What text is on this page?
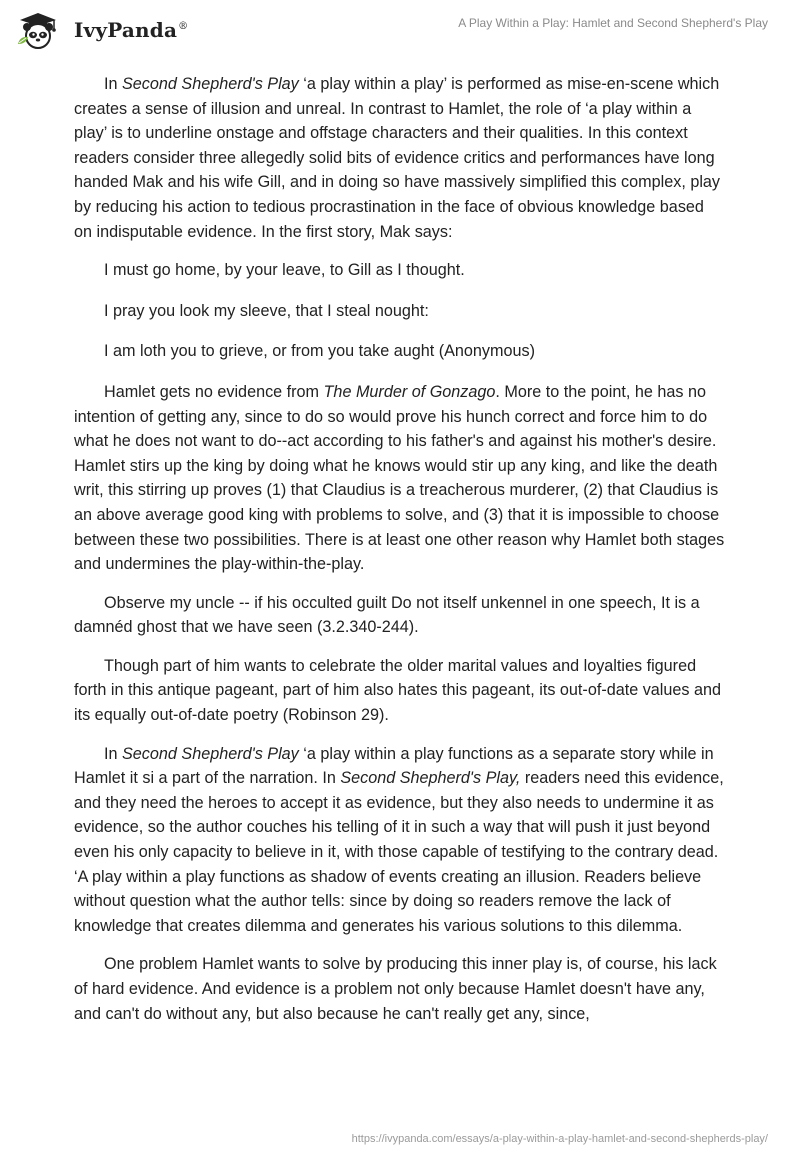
IvyPanda®	A Play Within a Play: Hamlet and Second Shepherd's Play

In Second Shepherd's Play ‘a play within a play’ is performed as mise-en-scene which creates a sense of illusion and unreal. In contrast to Hamlet, the role of ‘a play within a play’ is to underline onstage and offstage characters and their qualities. In this context readers consider three allegedly solid bits of evidence critics and performances have long handed Mak and his wife Gill, and in doing so have massively simplified this complex, play by reducing his action to tedious procrastination in the face of obvious knowledge based on indisputable evidence. In the first story, Mak says:

I must go home, by your leave, to Gill as I thought.

I pray you look my sleeve, that I steal nought:

I am loth you to grieve, or from you take aught (Anonymous)

Hamlet gets no evidence from The Murder of Gonzago. More to the point, he has no intention of getting any, since to do so would prove his hunch correct and force him to do what he does not want to do--act according to his father's and against his mother's desire. Hamlet stirs up the king by doing what he knows would stir up any king, and like the death writ, this stirring up proves (1) that Claudius is a treacherous murderer, (2) that Claudius is an above average good king with problems to solve, and (3) that it is impossible to choose between these two possibilities. There is at least one other reason why Hamlet both stages and undermines the play-within-the-play.

Observe my uncle -- if his occulted guilt Do not itself unkennel in one speech, It is a damnéd ghost that we have seen (3.2.340-244).

Though part of him wants to celebrate the older marital values and loyalties figured forth in this antique pageant, part of him also hates this pageant, its out-of-date values and its equally out-of-date poetry (Robinson 29).

In Second Shepherd's Play ‘a play within a play functions as a separate story while in Hamlet it si a part of the narration. In Second Shepherd's Play, readers need this evidence, and they need the heroes to accept it as evidence, but they also needs to undermine it as evidence, so the author couches his telling of it in such a way that will push it just beyond even his only capacity to believe in it, with those capable of testifying to the contrary dead. ‘A play within a play functions as shadow of events creating an illusion. Readers believe without question what the author tells: since by doing so readers remove the lack of knowledge that creates dilemma and generates his various solutions to this dilemma.

One problem Hamlet wants to solve by producing this inner play is, of course, his lack of hard evidence. And evidence is a problem not only because Hamlet doesn't have any, and can't do without any, but also because he can't really get any, since,

https://ivypanda.com/essays/a-play-within-a-play-hamlet-and-second-shepherds-play/
